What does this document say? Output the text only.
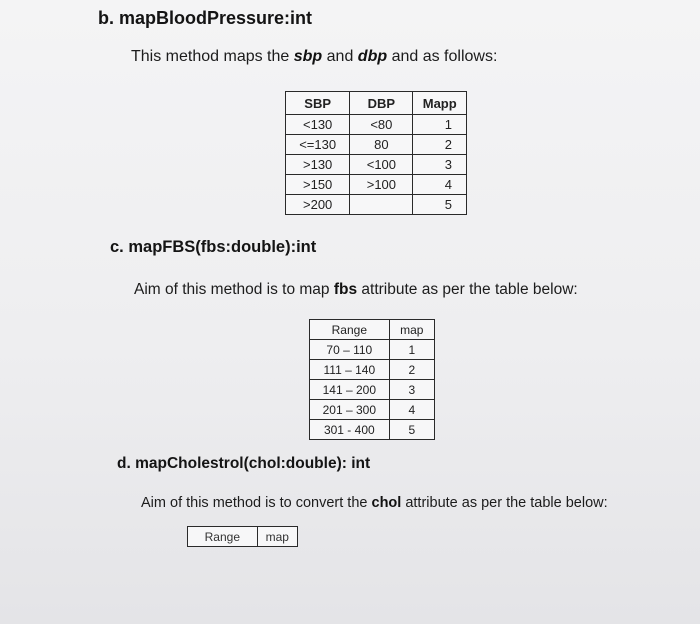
b. mapBloodPressure:int
This method maps the sbp and dbp and as follows:
SBP	DBP	Mapp
<130	<80	1
<=130	80	2
>130	<100	3
>150	>100	4
>200		5
c. mapFBS(fbs:double):int
Aim of this method is to map fbs attribute as per the table below:
Range	map
70 – 110	1
111 – 140	2
141 – 200	3
201 – 300	4
301 - 400	5
d. mapCholestrol(chol:double): int
Aim of this method is to convert the chol attribute as per the table below:
Range	map
